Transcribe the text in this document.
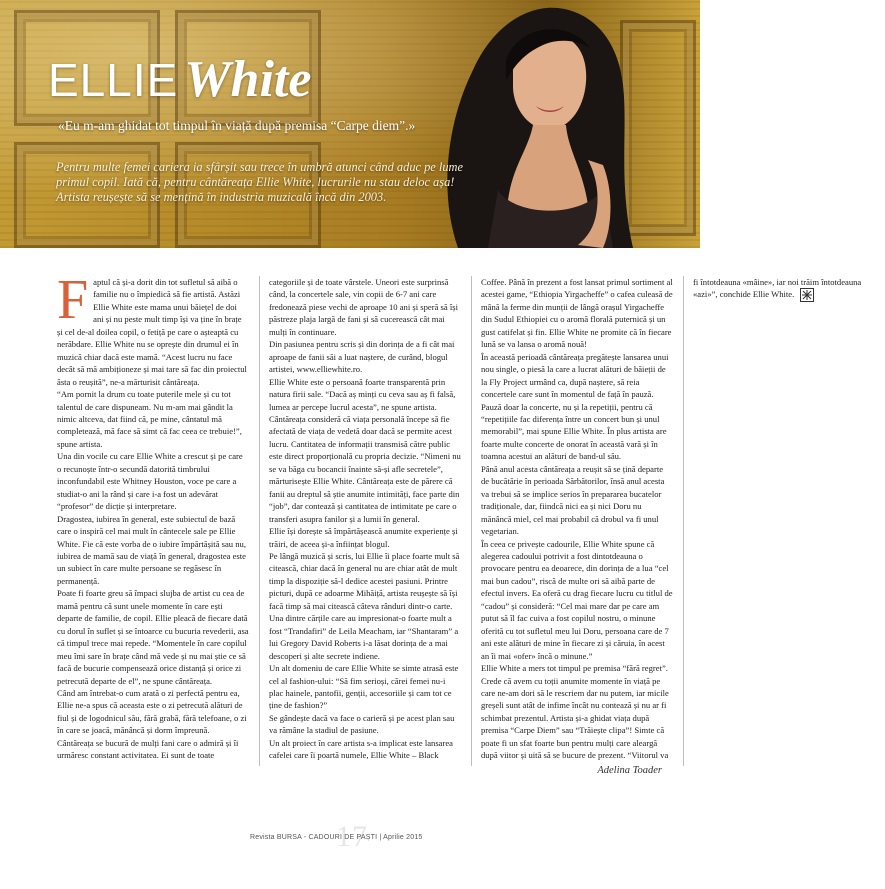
ELLIE White

«Eu m-am ghidat tot timpul în viață după premisa “Carpe diem”.»

Pentru multe femei cariera ia sfârșit sau trece în umbră atunci când aduc pe lume primul copil. Iată că, pentru cântăreața Ellie White, lucrurile nu stau deloc așa! Artista reușește să se mențină în industria muzicală încă din 2003.

Faptul că și-a dorit din tot sufletul să aibă o familie nu o împiedică să fie artistă. Astăzi Ellie White este mama unui băiețel de doi ani și nu peste mult timp își va ține în brațe și cel de-al doilea copil, o fetiță pe care o așteaptă cu nerăbdare. Ellie White nu se oprește din drumul ei în muzică chiar dacă este mamă. “Acest lucru nu face decât să mă ambiționeze și mai tare să fac din proiectul ăsta o reușită”, ne-a mărturisit cântăreața.

“Am pornit la drum cu toate puterile mele și cu tot talentul de care dispuneam. Nu m-am mai gândit la nimic altceva, dat fiind că, pe mine, cântatul mă completează, mă face să simt că fac ceea ce trebuie!”, spune artista.

Una din vocile cu care Ellie White a crescut și pe care o recunoște într-o secundă datorită timbrului inconfundabil este Whitney Houston, voce pe care a studiat-o ani la rând și care i-a fost un adevărat “profesor” de dicție și interpretare.

Dragostea, iubirea în general, este subiectul de bază care o inspiră cel mai mult în cântecele sale pe Ellie White. Fie că este vorba de o iubire împărtășită sau nu, iubirea de mamă sau de viață în general, dragostea este un subiect în care multe persoane se regăsesc în permanență.

Poate fi foarte greu să împaci slujba de artist cu cea de mamă pentru că sunt unele momente în care ești departe de familie, de copil. Ellie pleacă de fiecare dată cu dorul în suflet și se întoarce cu bucuria revederii, asa că timpul trece mai repede. “Momentele în care copilul meu îmi sare în brațe când mă vede și nu mai știe ce să facă de bucurie compensează orice distanță și orice zi petrecută departe de el”, ne spune cântăreața.

Când am întrebat-o cum arată o zi perfectă pentru ea, Ellie ne-a spus că aceasta este o zi petrecută alături de fiul și de logodnicul său, fără grabă, fără telefoane, o zi în care se joacă, mănâncă și dorm împreună.

Cântăreața se bucură de mulți fani care o admiră și îi urmăresc constant activitatea. Ei sunt de toate categoriile și de toate vârstele. Uneori este surprinsă când, la concertele sale, vin copii de 6-7 ani care fredonează piese vechi de aproape 10 ani și speră să își păstreze plaja largă de fani și să cucerească cât mai mulți în continuare.

Din pasiunea pentru scris și din dorința de a fi cât mai aproape de fanii săi a luat naștere, de curând, blogul artistei, www.elliewhite.ro.

Ellie White este o persoană foarte transparentă prin natura firii sale. “Dacă aș minți cu ceva sau aș fi falsă, lumea ar percepe lucrul acesta”, ne spune artista. Cântăreața consideră că viața personală începe să fie afectată de viața de vedetă doar dacă se permite acest lucru. Cantitatea de informații transmisă către public este direct proporțională cu propria decizie. “Nimeni nu se va băga cu bocancii înainte să-și afle secretele”, mărturisește Ellie White. Cântăreața este de părere că fanii au dreptul să știe anumite intimități, face parte din “job”, dar contează și cantitatea de intimitate pe care o transferi asupra fanilor și a lumii în general.

Ellie își dorește să împărtășească anumite experiențe și trăiri, de aceea și-a înființat blogul.

Pe lângă muzică și scris, lui Ellie îi place foarte mult să citească, chiar dacă în general nu are chiar atât de mult timp la dispoziție să-l dedice acestei pasiuni. Printre picturi, după ce adoarme Mihăiță, artista reușește să își facă timp să mai citească câteva rânduri dintr-o carte. Una dintre cărțile care au impresionat-o foarte mult a fost “Trandafiri” de Leila Meacham, iar “Shantaram” a lui Gregory David Roberts i-a lăsat dorința de a mai descoperi și alte secrete indiene.

Un alt domeniu de care Ellie White se simte atrasă este cel al fashion-ului: “Să fim serioși, cărei femei nu-i plac hainele, pantofii, genții, accesoriile și cam tot ce ține de fashion?”

Se gândește dacă va face o carieră și pe acest plan sau va rămâne la stadiul de pasiune.

Un alt proiect în care artista s-a implicat este lansarea cafelei care îi poartă numele, Ellie White – Black Coffee. Până în prezent a fost lansat primul sortiment al acestei game, “Ethiopia Yirgacheffe” o cafea culeasă de mână la ferme din munții de lângă orașul Yirgacheffe din Sudul Ethiopiei cu o aromă florală puternică și un gust catifelat și fin. Ellie White ne promite că în fiecare lună se va lansa o aromă nouă!

În această perioadă cântăreața pregătește lansarea unui nou single, o piesă la care a lucrat alături de băieții de la Fly Project urmând ca, după naștere, să reia concertele care sunt în momentul de față în pauză. Pauză doar la concerte, nu și la repetiții, pentru că “repetițiile fac diferența între un concert bun și unul memorabil”, mai spune Ellie White. În plus artista are foarte multe concerte de onorat în această vară și în toamna acestui an alături de band-ul său.

Până anul acesta cântăreața a reușit să se țină departe de bucătărie în perioada Sărbătorilor, însă anul acesta va trebui să se implice serios în prepararea bucatelor tradiționale, dar, fiindcă nici ea și nici Doru nu mănâncă miel, cel mai probabil că drobul va fi unul vegetarian.

În ceea ce privește cadourile, Ellie White spune că alegerea cadoului potrivit a fost dintotdeauna o provocare pentru ea deoarece, din dorința de a lua “cel mai bun cadou”, riscă de multe ori să aibă parte de efectul invers. Ea oferă cu drag fiecare lucru cu titlul de “cadou” și consideră: “Cel mai mare dar pe care am putut să îl fac cuiva a fost copilul nostru, o minune oferită cu tot sufletul meu lui Doru, persoana care de 7 ani este alături de mine în fiecare zi și căruia, în acest an îi mai «ofer» încă o minune.”

Ellie White a mers tot timpul pe premisa “fără regret”. Crede că avem cu toții anumite momente în viață pe care ne-am dori să le rescriem dar nu putem, iar micile greșeli sunt atât de infime încât nu contează și nu ar fi schimbat prezentul. Artista și-a ghidat viața după premisa “Carpe Diem” sau “Trăiește clipa”! Simte că poate fi un sfat foarte bun pentru mulți care aleargă după viitor și uită să se bucure de prezent. “Viitorul va fi întotdeauna «mâine», iar noi trăim întotdeauna «azi»”, conchide Ellie White.

Adelina Toader

17

Revista BURSA - CADOURI DE PAȘTI | Aprilie 2015
